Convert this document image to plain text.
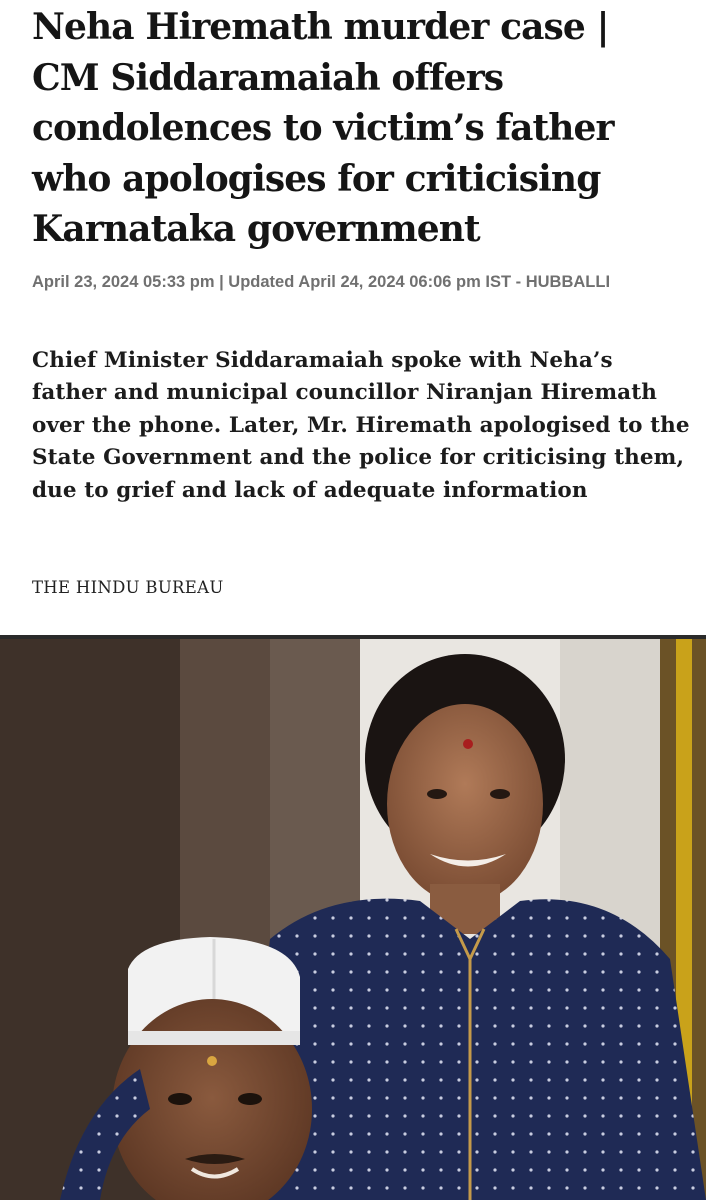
Neha Hiremath murder case | CM Siddaramaiah offers condolences to victim’s father who apologises for criticising Karnataka government

April 23, 2024 05:33 pm | Updated April 24, 2024 06:06 pm IST - HUBBALLI

Chief Minister Siddaramaiah spoke with Neha’s father and municipal councillor Niranjan Hiremath over the phone. Later, Mr. Hiremath apologised to the State Government and the police for criticising them, due to grief and lack of adequate information

THE HINDU BUREAU
